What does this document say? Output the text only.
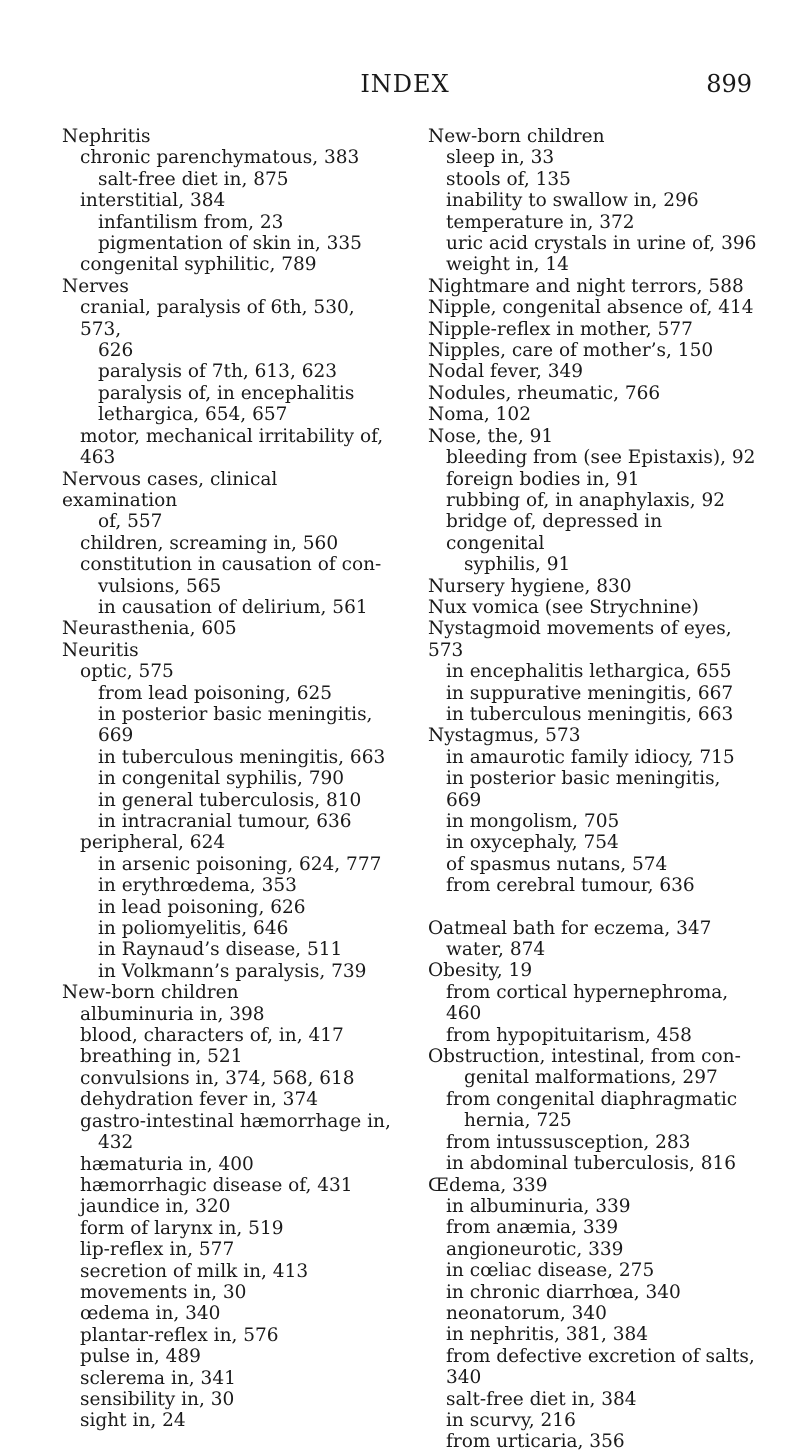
INDEX	899
Nephritis
chronic parenchymatous, 383
salt-free diet in, 875
interstitial, 384
infantilism from, 23
pigmentation of skin in, 335
congenital syphilitic, 789
Nerves
cranial, paralysis of 6th, 530, 573,
626
paralysis of 7th, 613, 623
paralysis of, in encephalitis
lethargica, 654, 657
motor, mechanical irritability of, 463
Nervous cases, clinical examination
of, 557
children, screaming in, 560
constitution in causation of con-
vulsions, 565
in causation of delirium, 561
Neurasthenia, 605
Neuritis
optic, 575
from lead poisoning, 625
in posterior basic meningitis, 669
in tuberculous meningitis, 663
in congenital syphilis, 790
in general tuberculosis, 810
in intracranial tumour, 636
peripheral, 624
in arsenic poisoning, 624, 777
in erythrœdema, 353
in lead poisoning, 626
in poliomyelitis, 646
in Raynaud’s disease, 511
in Volkmann’s paralysis, 739
New-born children
albuminuria in, 398
blood, characters of, in, 417
breathing in, 521
convulsions in, 374, 568, 618
dehydration fever in, 374
gastro-intestinal hæmorrhage in,
432
hæmaturia in, 400
hæmorrhagic disease of, 431
jaundice in, 320
form of larynx in, 519
lip-reflex in, 577
secretion of milk in, 413
movements in, 30
œdema in, 340
plantar-reflex in, 576
pulse in, 489
sclerema in, 341
sensibility in, 30
sight in, 24
New-born children
sleep in, 33
stools of, 135
inability to swallow in, 296
temperature in, 372
uric acid crystals in urine of, 396
weight in, 14
Nightmare and night terrors, 588
Nipple, congenital absence of, 414
Nipple-reflex in mother, 577
Nipples, care of mother’s, 150
Nodal fever, 349
Nodules, rheumatic, 766
Noma, 102
Nose, the, 91
bleeding from (see Epistaxis), 92
foreign bodies in, 91
rubbing of, in anaphylaxis, 92
bridge of, depressed in congenital
syphilis, 91
Nursery hygiene, 830
Nux vomica (see Strychnine)
Nystagmoid movements of eyes, 573
in encephalitis lethargica, 655
in suppurative meningitis, 667
in tuberculous meningitis, 663
Nystagmus, 573
in amaurotic family idiocy, 715
in posterior basic meningitis, 669
in mongolism, 705
in oxycephaly, 754
of spasmus nutans, 574
from cerebral tumour, 636
Oatmeal bath for eczema, 347
water, 874
Obesity, 19
from cortical hypernephroma, 460
from hypopituitarism, 458
Obstruction, intestinal, from con-
genital malformations, 297
from congenital diaphragmatic
hernia, 725
from intussusception, 283
in abdominal tuberculosis, 816
Œdema, 339
in albuminuria, 339
from anæmia, 339
angioneurotic, 339
in cœliac disease, 275
in chronic diarrhœa, 340
neonatorum, 340
in nephritis, 381, 384
from defective excretion of salts, 340
salt-free diet in, 384
in scurvy, 216
from urticaria, 356
